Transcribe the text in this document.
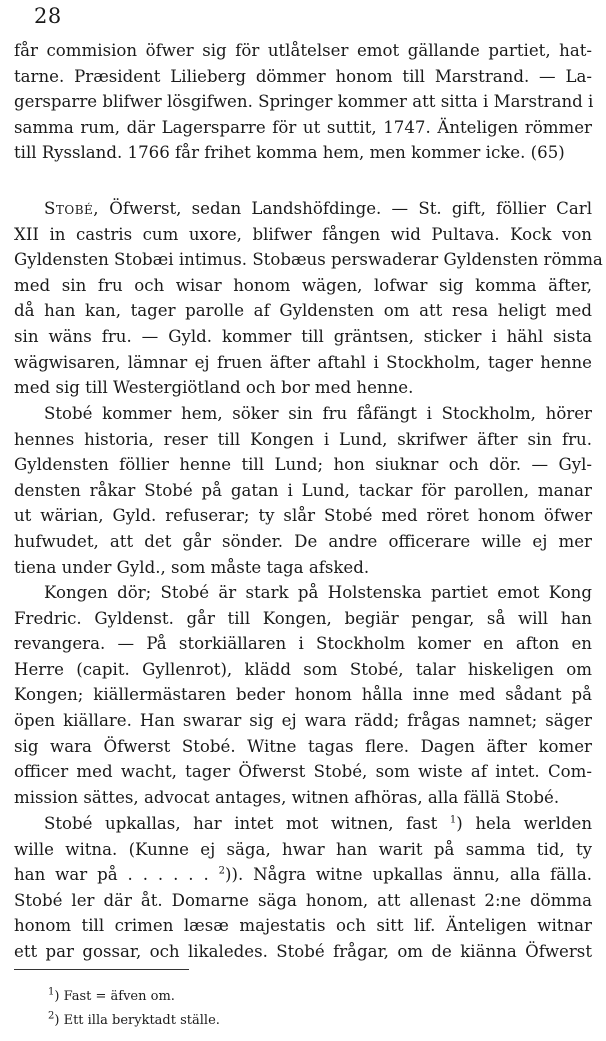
28
får commision öfwer sig för utlåtelser emot gällande partiet, hat-
tarne. Præsident Lilieberg dömmer honom till Marstrand. — La-
gersparre blifwer lösgifwen. Springer kommer att sitta i Marstrand i
samma rum, där Lagersparre för ut suttit, 1747. Änteligen römmer
till Ryssland. 1766 får frihet komma hem, men kommer icke. (65)
Stobé, Öfwerst, sedan Landshöfdinge. — St. gift, föllier Carl
XII in castris cum uxore, blifwer fången wid Pultava. Kock von
Gyldensten Stobæi intimus. Stobæus perswaderar Gyldensten römma
med sin fru och wisar honom wägen, lofwar sig komma äfter,
då han kan, tager parolle af Gyldensten om att resa heligt med
sin wäns fru. — Gyld. kommer till gräntsen, sticker i hähl sista
wägwisaren, lämnar ej fruen äfter aftahl i Stockholm, tager henne
med sig till Westergiötland och bor med henne.
Stobé kommer hem, söker sin fru fåfängt i Stockholm, hörer
hennes historia, reser till Kongen i Lund, skrifwer äfter sin fru.
Gyldensten föllier henne till Lund; hon siuknar och dör. — Gyl-
densten råkar Stobé på gatan i Lund, tackar för parollen, manar
ut wärian, Gyld. refuserar; ty slår Stobé med röret honom öfwer
hufwudet, att det går sönder. De andre officerare wille ej mer
tiena under Gyld., som måste taga afsked.
Kongen dör; Stobé är stark på Holstenska partiet emot Kong
Fredric. Gyldenst. går till Kongen, begiär pengar, så will han
revangera. — På storkiällaren i Stockholm komer en afton en
Herre (capit. Gyllenrot), klädd som Stobé, talar hiskeligen om
Kongen; kiällermästaren beder honom hålla inne med sådant på
öpen kiällare. Han swarar sig ej wara rädd; frågas namnet; säger
sig wara Öfwerst Stobé. Witne tagas flere. Dagen äfter komer
officer med wacht, tager Öfwerst Stobé, som wiste af intet. Com-
mission sättes, advocat antages, witnen afhöras, alla fällä Stobé.
Stobé upkallas, har intet mot witnen, fast $^1$) hela werlden
wille witna. (Kunne ej säga, hwar han warit på samma tid, ty
han war på . . . . . . $^2$)). Några witne upkallas ännu, alla fälla.
Stobé ler där åt. Domarne säga honom, att allenast 2:ne dömma
honom till crimen læsæ majestatis och sitt lif. Änteligen witnar
ett par gossar, och likaledes. Stobé frågar, om de kiänna Öfwerst
$^1$) Fast = äfven om.
$^2$) Ett illa beryktadt ställe.
